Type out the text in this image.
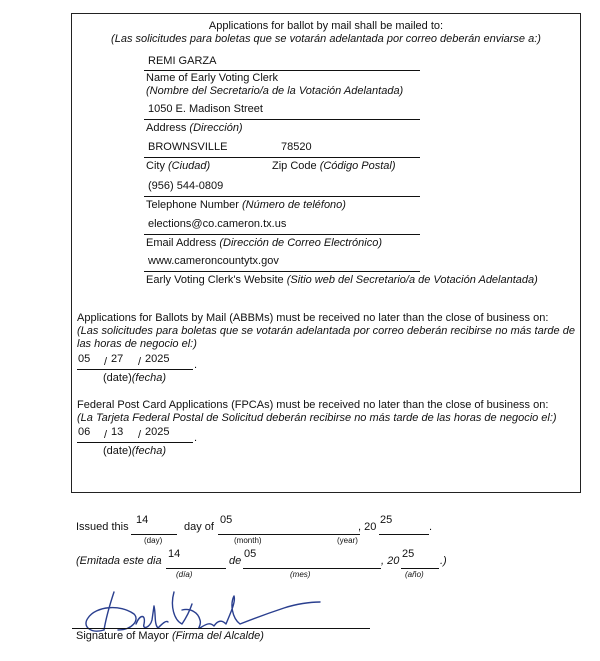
Applications for ballot by mail shall be mailed to:
(Las solicitudes para boletas que se votarán adelantada por correo deberán enviarse a:)
REMI GARZA
Name of Early Voting Clerk
(Nombre del Secretario/a de la Votación Adelantada)
1050 E. Madison Street
Address (Dirección)
BROWNSVILLE	78520
City (Ciudad)	Zip Code (Código Postal)
(956) 544-0809
Telephone Number (Número de teléfono)
elections@co.cameron.tx.us
Email Address (Dirección de Correo Electrónico)
www.cameroncountytx.gov
Early Voting Clerk's Website (Sitio web del Secretario/a de Votación Adelantada)
Applications for Ballots by Mail (ABBMs) must be received no later than the close of business on:
(Las solicitudes para boletas que se votarán adelantada por correo deberán recibirse no más tarde de las horas de negocio el:)
05 / 27 / 2025 .
(date)(fecha)
Federal Post Card Applications (FPCAs) must be received no later than the close of business on:
(La Tarjeta Federal Postal de Solicitud deberán recibirse no más tarde de las horas de negocio el:)
06 / 13 / 2025 .
(date)(fecha)
Issued this
14
day of
05
, 20
25
.
(day)	(month)	(year)
(Emitada este dia
14
de
05
, 20
25
.)
(día)	(mes)	(año)
Signature of Mayor (Firma del Alcalde)
